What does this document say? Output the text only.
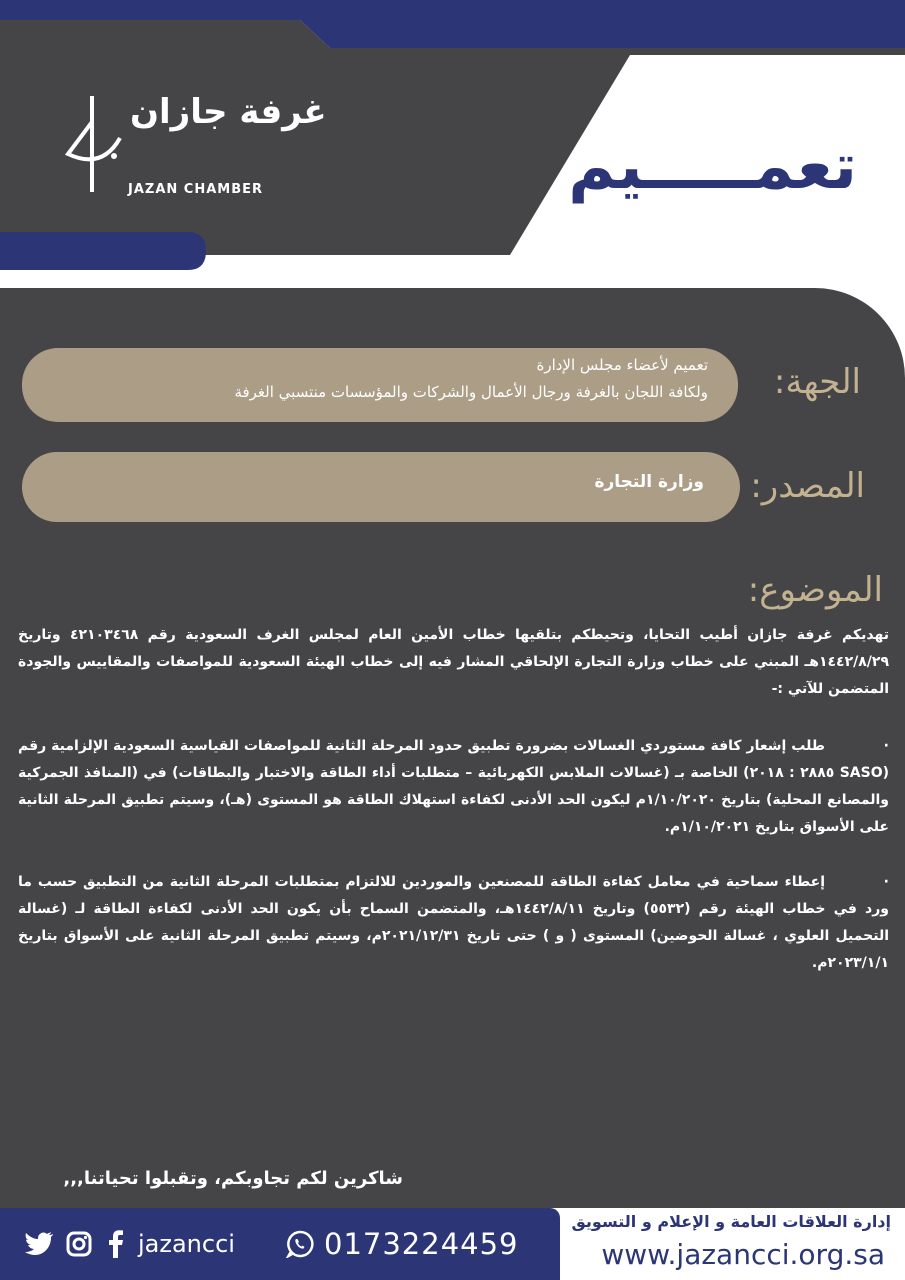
غرفة جازان
JAZAN CHAMBER	تعمـــــيم
الجهة:
تعميم لأعضاء مجلس الإدارة
ولكافة اللجان بالغرفة ورجال الأعمال والشركات والمؤسسات منتسبي الغرفة
المصدر:
وزارة التجارة
الموضوع:
تهديكم غرفة جازان أطيب التحايا، وتحيطكم بتلقيها خطاب الأمين العام لمجلس الغرف السعودية رقم ٤٢١٠٣٤٦٨ وتاريخ ١٤٤٢/٨/٢٩هـ المبني على خطاب وزارة التجارة الإلحاقي المشار فيه إلى خطاب الهيئة السعودية للمواصفات والمقاييس والجودة المتضمن للآتي :-
·طلب إشعار كافة مستوردي الغسالات بضرورة تطبيق حدود المرحلة الثانية للمواصفات القياسية السعودية الإلزامية رقم (SASO ٢٨٨٥ : ٢٠١٨) الخاصة بـ (غسالات الملابس الكهربائية – متطلبات أداء الطاقة والاختبار والبطاقات) في (المنافذ الجمركية والمصانع المحلية) بتاريخ ١/١٠/٢٠٢٠م ليكون الحد الأدنى لكفاءة استهلاك الطاقة هو المستوى (هـ)، وسيتم تطبيق المرحلة الثانية على الأسواق بتاريخ ١/١٠/٢٠٢١م.
·إعطاء سماحية في معامل كفاءة الطاقة للمصنعين والموردين للالتزام بمتطلبات المرحلة الثانية من التطبيق حسب ما ورد في خطاب الهيئة رقم (٥٥٣٢) وتاريخ ١٤٤٢/٨/١١هـ، والمتضمن السماح بأن يكون الحد الأدنى لكفاءة الطاقة لـ (غسالة التحميل العلوي ، غسالة الحوضين) المستوى ( و ) حتى تاريخ ٢٠٢١/١٢/٣١م، وسيتم تطبيق المرحلة الثانية على الأسواق بتاريخ ٢٠٢٣/١/١م.
شاكرين لكم تجاوبكم، وتقبلوا تحياتنا,,,
jazancci	0173224459
إدارة العلاقات العامة و الإعلام و التسويق
www.jazancci.org.sa
